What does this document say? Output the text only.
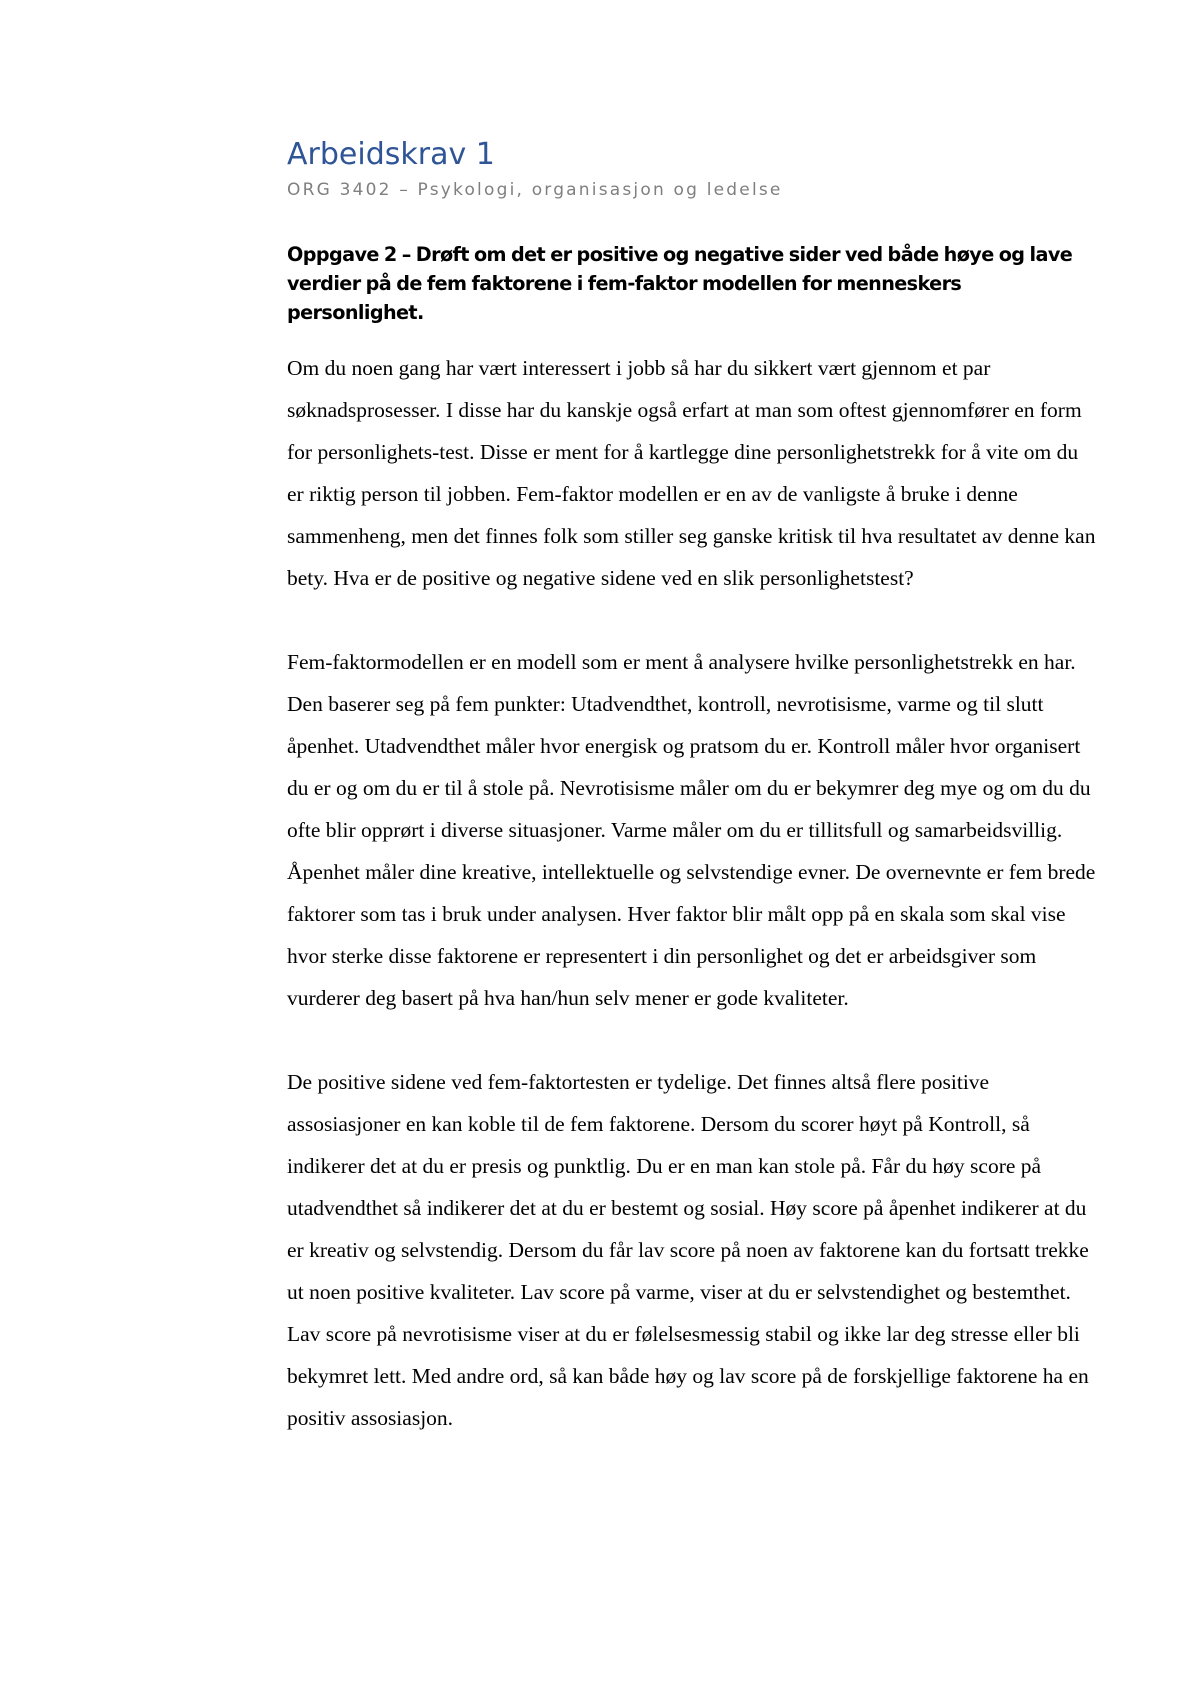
Arbeidskrav 1
ORG 3402 – Psykologi, organisasjon og ledelse

Oppgave 2 – Drøft om det er positive og negative sider ved både høye og lave verdier på de fem faktorene i fem-faktor modellen for menneskers personlighet.

Om du noen gang har vært interessert i jobb så har du sikkert vært gjennom et par søknadsprosesser. I disse har du kanskje også erfart at man som oftest gjennomfører en form for personlighets-test. Disse er ment for å kartlegge dine personlighetstrekk for å vite om du er riktig person til jobben. Fem-faktor modellen er en av de vanligste å bruke i denne sammenheng, men det finnes folk som stiller seg ganske kritisk til hva resultatet av denne kan bety. Hva er de positive og negative sidene ved en slik personlighetstest?

Fem-faktormodellen er en modell som er ment å analysere hvilke personlighetstrekk en har. Den baserer seg på fem punkter: Utadvendthet, kontroll, nevrotisisme, varme og til slutt åpenhet. Utadvendthet måler hvor energisk og pratsom du er. Kontroll måler hvor organisert du er og om du er til å stole på. Nevrotisisme måler om du er bekymrer deg mye og om du du ofte blir opprørt i diverse situasjoner. Varme måler om du er tillitsfull og samarbeidsvillig. Åpenhet måler dine kreative, intellektuelle og selvstendige evner. De overnevnte er fem brede faktorer som tas i bruk under analysen. Hver faktor blir målt opp på en skala som skal vise hvor sterke disse faktorene er representert i din personlighet og det er arbeidsgiver som vurderer deg basert på hva han/hun selv mener er gode kvaliteter.

De positive sidene ved fem-faktortesten er tydelige. Det finnes altså flere positive assosiasjoner en kan koble til de fem faktorene. Dersom du scorer høyt på Kontroll, så indikerer det at du er presis og punktlig. Du er en man kan stole på. Får du høy score på utadvendthet så indikerer det at du er bestemt og sosial. Høy score på åpenhet indikerer at du er kreativ og selvstendig. Dersom du får lav score på noen av faktorene kan du fortsatt trekke ut noen positive kvaliteter. Lav score på varme, viser at du er selvstendighet og bestemthet. Lav score på nevrotisisme viser at du er følelsesmessig stabil og ikke lar deg stresse eller bli bekymret lett. Med andre ord, så kan både høy og lav score på de forskjellige faktorene ha en positiv assosiasjon.
